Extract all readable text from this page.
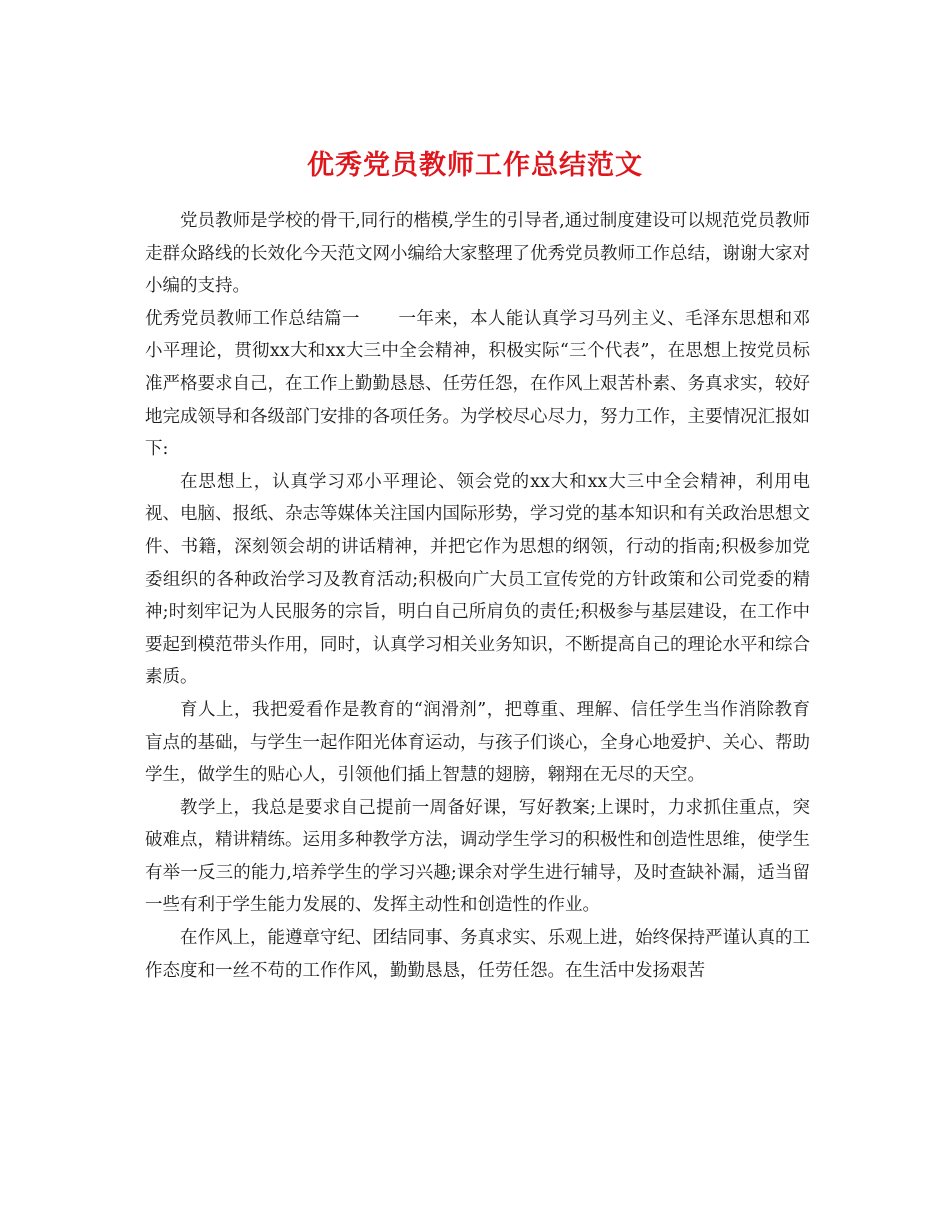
优秀党员教师工作总结范文

党员教师是学校的骨干,同行的楷模,学生的引导者,通过制度建设可以规范党员教师走群众路线的长效化今天范文网小编给大家整理了优秀党员教师工作总结，谢谢大家对小编的支持。

优秀党员教师工作总结篇一 一年来，本人能认真学习马列主义、毛泽东思想和邓小平理论，贯彻xx大和xx大三中全会精神，积极实际“三个代表”，在思想上按党员标准严格要求自己，在工作上勤勤恳恳、任劳任怨，在作风上艰苦朴素、务真求实，较好地完成领导和各级部门安排的各项任务。为学校尽心尽力，努力工作，主要情况汇报如下:

在思想上，认真学习邓小平理论、领会党的xx大和xx大三中全会精神，利用电视、电脑、报纸、杂志等媒体关注国内国际形势，学习党的基本知识和有关政治思想文件、书籍，深刻领会胡的讲话精神，并把它作为思想的纲领，行动的指南;积极参加党委组织的各种政治学习及教育活动;积极向广大员工宣传党的方针政策和公司党委的精神;时刻牢记为人民服务的宗旨，明白自己所肩负的责任;积极参与基层建设，在工作中要起到模范带头作用，同时，认真学习相关业务知识，不断提高自己的理论水平和综合素质。

育人上，我把爱看作是教育的“润滑剂”，把尊重、理解、信任学生当作消除教育盲点的基础，与学生一起作阳光体育运动，与孩子们谈心，全身心地爱护、关心、帮助学生，做学生的贴心人，引领他们插上智慧的翅膀，翱翔在无尽的天空。

教学上，我总是要求自己提前一周备好课，写好教案;上课时，力求抓住重点，突破难点，精讲精练。运用多种教学方法，调动学生学习的积极性和创造性思维，使学生有举一反三的能力,培养学生的学习兴趣;课余对学生进行辅导，及时查缺补漏，适当留一些有利于学生能力发展的、发挥主动性和创造性的作业。

在作风上，能遵章守纪、团结同事、务真求实、乐观上进，始终保持严谨认真的工作态度和一丝不苟的工作作风，勤勤恳恳，任劳任怨。在生活中发扬艰苦
